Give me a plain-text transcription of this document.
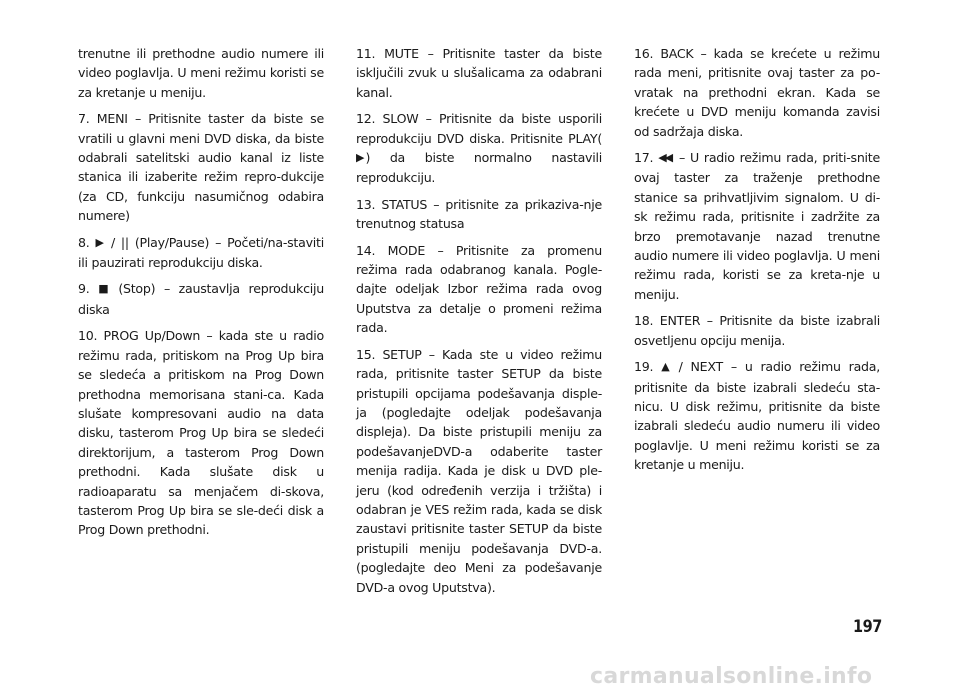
trenutne ili prethodne audio numere ili video poglavlja. U meni režimu koristi se za kretanje u meniju.

7. MENI – Pritisnite taster da biste se vratili u glavni meni DVD diska, da biste odabrali satelitski audio kanal iz liste stanica ili izaberite režim repro-dukcije (za CD, funkciju nasumičnog odabira numere)

8. ▶ / || (Play/Pause) – Početi/na-staviti ili pauzirati reprodukciju diska.

9. ■ (Stop) – zaustavlja reprodukciju diska

10. PROG Up/Down – kada ste u radio režimu rada, pritiskom na Prog Up bira se sledeća a pritiskom na Prog Down prethodna memorisana stani-ca. Kada slušate kompresovani audio na data disku, tasterom Prog Up bira se sledeći direktorijum, a tasterom Prog Down prethodni. Kada slušate disk u radioaparatu sa menjačem di-skova, tasterom Prog Up bira se sle-deći disk a Prog Down prethodni.

11. MUTE – Pritisnite taster da biste isključili zvuk u slušalicama za odabrani kanal.

12. SLOW – Pritisnite da biste usporili reprodukciju DVD diska. Pritisnite PLAY(▶ ) da biste normalno nastavili reprodukciju.

13. STATUS – pritisnite za prikaziva-nje trenutnog statusa

14. MODE – Pritisnite za promenu režima rada odabranog kanala. Pogle-dajte odeljak Izbor režima rada ovog Uputstva za detalje o promeni režima rada.

15. SETUP – Kada ste u video režimu rada, pritisnite taster SETUP da biste pristupili opcijama podešavanja disple-ja (pogledajte odeljak podešavanja displeja). Da biste pristupili meniju za podešavanjeDVD-a odaberite taster menija radija. Kada je disk u DVD ple-jeru (kod određenih verzija i tržišta) i odabran je VES režim rada, kada se disk zaustavi pritisnite taster SETUP da biste pristupili meniju podešavanja DVD-a. (pogledajte deo Meni za podešavanje DVD-a ovog Uputstva).

16. BACK – kada se krećete u režimu rada meni, pritisnite ovaj taster za po-vratak na prethodni ekran. Kada se krećete u DVD meniju komanda zavisi od sadržaja diska.

17. ◀◀ – U radio režimu rada, priti-snite ovaj taster za traženje prethodne stanice sa prihvatljivim signalom. U di-sk režimu rada, pritisnite i zadržite za brzo premotavanje nazad trenutne audio numere ili video poglavlja. U meni režimu rada, koristi se za kreta-nje u meniju.

18. ENTER – Pritisnite da biste izabrali osvetljenu opciju menija.

19. ▲ / NEXT – u radio režimu rada, pritisnite da biste izabrali sledeću sta-nicu. U disk režimu, pritisnite da biste izabrali sledeću audio numeru ili video poglavlje. U meni režimu koristi se za kretanje u meniju.

197
carmanualsonline.info
